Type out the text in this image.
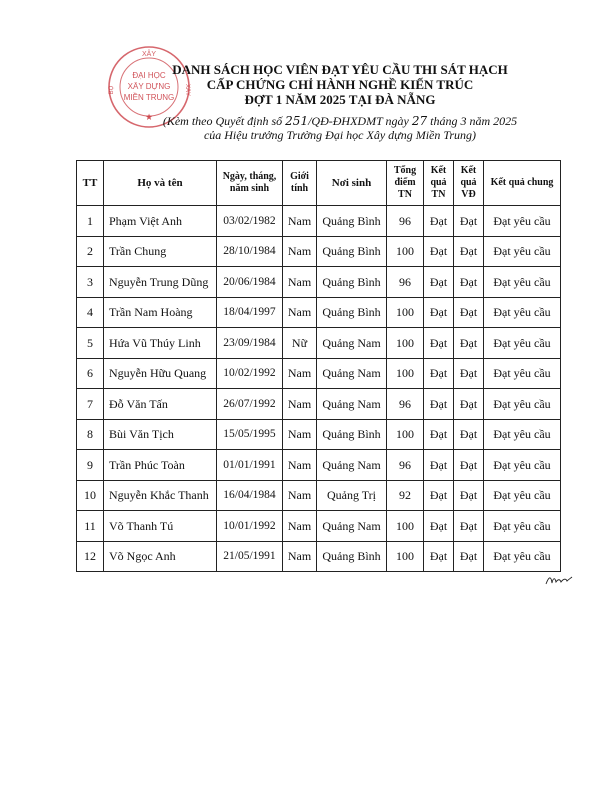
XÂY
ĐẠI HỌC
XÂY DỰNG
MIỀN TRUNG
BỘ	XÂY
★

DANH SÁCH HỌC VIÊN ĐẠT YÊU CẦU THI SÁT HẠCH

CẤP CHỨNG CHỈ HÀNH NGHỀ KIẾN TRÚC

ĐỢT 1 NĂM 2025 TẠI ĐÀ NẴNG

(Kèm theo Quyết định số 251/QĐ-ĐHXDMT ngày 27 tháng 3 năm 2025

của Hiệu trưởng Trường Đại học Xây dựng Miền Trung)

TT	Họ và tên	Ngày, tháng, năm sinh	Giới tính	Nơi sinh	Tổng điểm TN	Kết quả TN	Kết quả VĐ	Kết quả chung
1	Phạm Việt Anh	03/02/1982	Nam	Quảng Bình	96	Đạt	Đạt	Đạt yêu cầu
2	Trần Chung	28/10/1984	Nam	Quảng Bình	100	Đạt	Đạt	Đạt yêu cầu
3	Nguyễn Trung Dũng	20/06/1984	Nam	Quảng Bình	96	Đạt	Đạt	Đạt yêu cầu
4	Trần Nam Hoàng	18/04/1997	Nam	Quảng Bình	100	Đạt	Đạt	Đạt yêu cầu
5	Hứa Vũ Thúy Linh	23/09/1984	Nữ	Quảng Nam	100	Đạt	Đạt	Đạt yêu cầu
6	Nguyễn Hữu Quang	10/02/1992	Nam	Quảng Nam	100	Đạt	Đạt	Đạt yêu cầu
7	Đỗ Văn Tấn	26/07/1992	Nam	Quảng Nam	96	Đạt	Đạt	Đạt yêu cầu
8	Bùi Văn Tịch	15/05/1995	Nam	Quảng Bình	100	Đạt	Đạt	Đạt yêu cầu
9	Trần Phúc Toàn	01/01/1991	Nam	Quảng Nam	96	Đạt	Đạt	Đạt yêu cầu
10	Nguyễn Khắc Thanh	16/04/1984	Nam	Quảng Trị	92	Đạt	Đạt	Đạt yêu cầu
11	Võ Thanh Tú	10/01/1992	Nam	Quảng Nam	100	Đạt	Đạt	Đạt yêu cầu
12	Võ Ngọc Anh	21/05/1991	Nam	Quảng Bình	100	Đạt	Đạt	Đạt yêu cầu
